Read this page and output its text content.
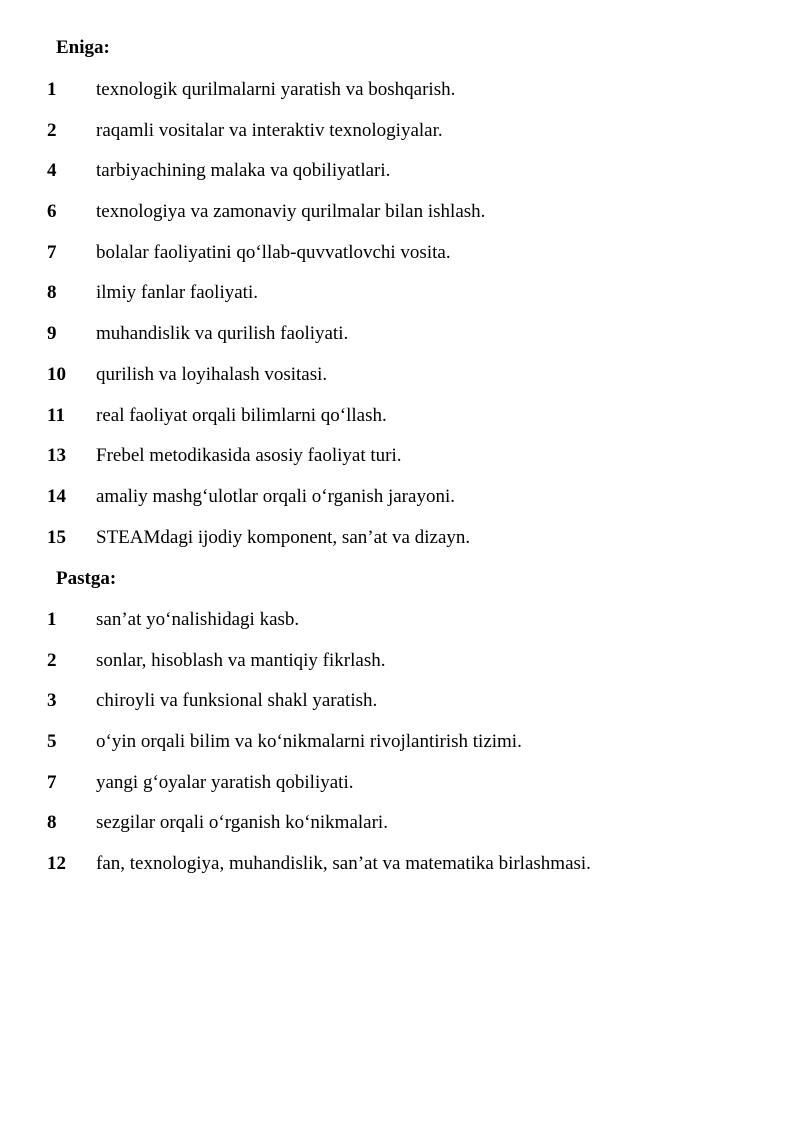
Eniga:
1 texnologik qurilmalarni yaratish va boshqarish.
2 raqamli vositalar va interaktiv texnologiyalar.
4 tarbiyachining malaka va qobiliyatlari.
6 texnologiya va zamonaviy qurilmalar bilan ishlash.
7 bolalar faoliyatini qo‘llab-quvvatlovchi vosita.
8 ilmiy fanlar faoliyati.
9 muhandislik va qurilish faoliyati.
10 qurilish va loyihalash vositasi.
11 real faoliyat orqali bilimlarni qo‘llash.
13 Frebel metodikasida asosiy faoliyat turi.
14 amaliy mashg‘ulotlar orqali o‘rganish jarayoni.
15 STEAMdagi ijodiy komponent, san’at va dizayn.
Pastga:
1 san’at yo‘nalishidagi kasb.
2 sonlar, hisoblash va mantiqiy fikrlash.
3 chiroyli va funksional shakl yaratish.
5 o‘yin orqali bilim va ko‘nikmalarni rivojlantirish tizimi.
7 yangi g‘oyalar yaratish qobiliyati.
8 sezgilar orqali o‘rganish ko‘nikmalari.
12 fan, texnologiya, muhandislik, san’at va matematika birlashmasi.
